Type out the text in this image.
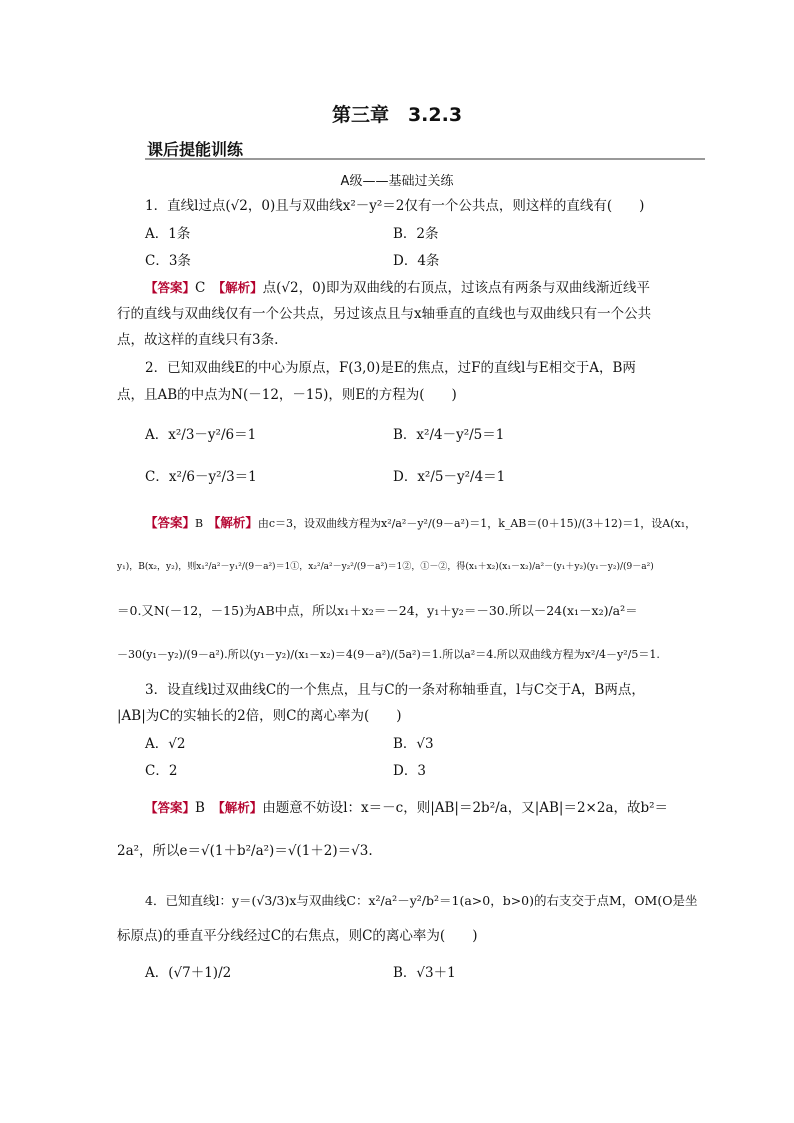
第三章　3.2.3
课后提能训练
A级——基础过关练
1．直线l过点(√2，0)且与双曲线x²－y²＝2仅有一个公共点，则这样的直线有(　　)
A．1条	B．2条
C．3条	D．4条
【答案】C　 【解析】点(√2，0)即为双曲线的右顶点，过该点有两条与双曲线渐近线平
行的直线与双曲线仅有一个公共点，另过该点且与x轴垂直的直线也与双曲线只有一个公共
点，故这样的直线只有3条.
2．已知双曲线E的中心为原点，F(3,0)是E的焦点，过F的直线l与E相交于A，B两
点，且AB的中点为N(－12，－15)，则E的方程为(　　)
A．x²/3－y²/6＝1	B．x²/4－y²/5＝1
C．x²/6－y²/3＝1	D．x²/5－y²/4＝1
【答案】B　 【解析】由c＝3，设双曲线方程为x²/a²－y²/(9－a²)＝1，k_AB＝(0＋15)/(3＋12)＝1，设A(x₁，
y₁)，B(x₂，y₂)，则x₁²/a²－y₁²/(9－a²)＝1①，x₂²/a²－y₂²/(9－a²)＝1②，①－②，得(x₁＋x₂)(x₁－x₂)/a²－(y₁＋y₂)(y₁－y₂)/(9－a²)
＝0.又N(－12，－15)为AB中点，所以x₁＋x₂＝－24，y₁＋y₂＝－30.所以－24(x₁－x₂)/a²＝
－30(y₁－y₂)/(9－a²).所以(y₁－y₂)/(x₁－x₂)＝4(9－a²)/(5a²)＝1.所以a²＝4.所以双曲线方程为x²/4－y²/5＝1.
3．设直线l过双曲线C的一个焦点，且与C的一条对称轴垂直，l与C交于A，B两点，
|AB|为C的实轴长的2倍，则C的离心率为(　　)
A．√2	B．√3
C．2	D．3
【答案】B　 【解析】由题意不妨设l：x＝－c，则|AB|＝2b²/a，又|AB|＝2×2a，故b²＝
2a²，所以e＝√(1＋b²/a²)＝√(1＋2)＝√3.
4．已知直线l：y＝(√3/3)x与双曲线C：x²/a²－y²/b²＝1(a>0，b>0)的右支交于点M，OM(O是坐
标原点)的垂直平分线经过C的右焦点，则C的离心率为(　　)
A．(√7＋1)/2	B．√3＋1
